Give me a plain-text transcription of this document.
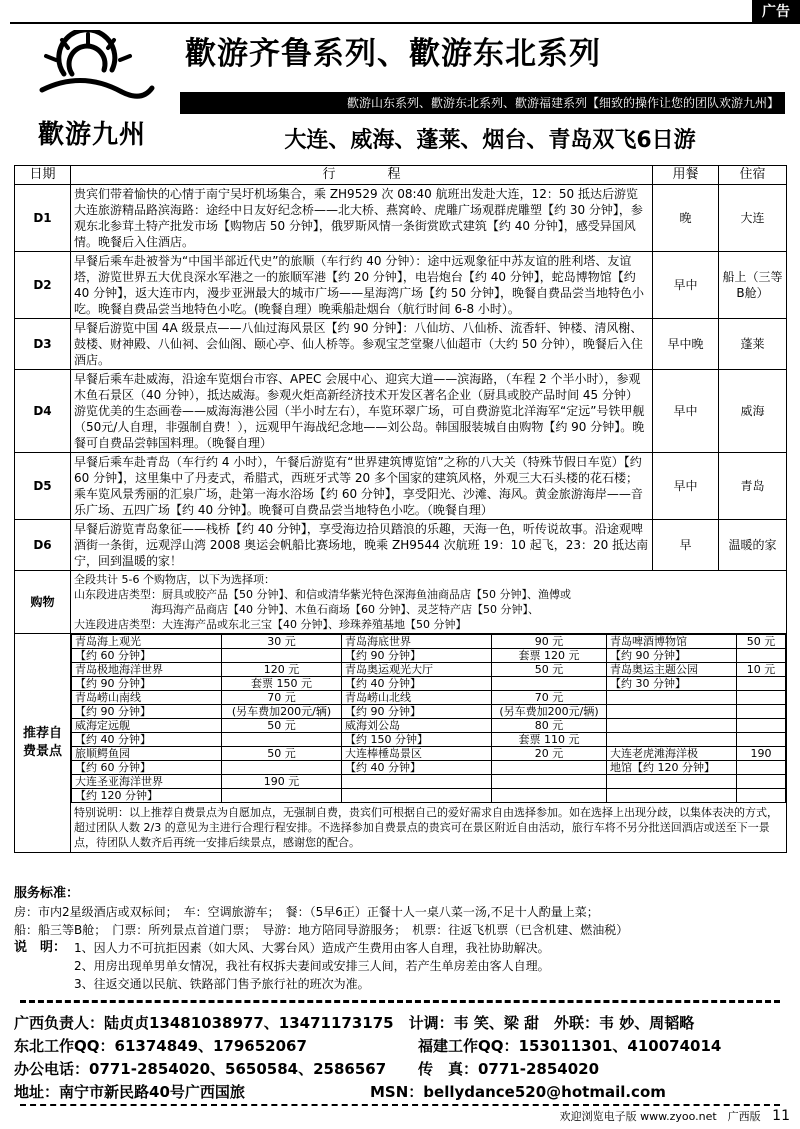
广告
歡游九州
歡游齐鲁系列、歡游东北系列
歡游山东系列、歡游东北系列、歡游福建系列【细致的操作让您的团队欢游九州】
大连、威海、蓬莱、烟台、青岛双飞6日游
日期	行　　　　程	用餐	住宿
D1	贵宾们带着愉快的心情于南宁吴圩机场集合，乘 ZH9529 次 08:40 航班出发赴大连，12：50 抵达后游览大连旅游精品路滨海路：途经中日友好纪念桥——北大桥、燕窝岭、虎雕广场观群虎雕塑【约 30 分钟】，参观东北参茸土特产批发市场【购物店 50 分钟】，俄罗斯风情一条街赏欧式建筑【约 40 分钟】，感受异国风情。晚餐后入住酒店。	晚	大连
D2	早餐后乘车赴被誉为“中国半部近代史”的旅顺（车行约 40 分钟）：途中远观象征中苏友谊的胜利塔、友谊塔，游览世界五大优良深水军港之一的旅顺军港【约 20 分钟】，电岩炮台【约 40 分钟】，蛇岛博物馆【约 40 分钟】，返大连市内，漫步亚洲最大的城市广场——星海湾广场【约 50 分钟】，晚餐自费品尝当地特色小吃。晚餐自费品尝当地特色小吃。(晚餐自理）晚乘船赴烟台（航行时间 6-8 小时）。	早中	船上（三等B舱）
D3	早餐后游览中国 4A 级景点——八仙过海风景区【约 90 分钟】：八仙坊、八仙桥、流香轩、钟楼、清风榭、鼓楼、财神殿、八仙祠、会仙阁、颐心亭、仙人桥等。参观宝芝堂聚八仙超市（大约 50 分钟），晚餐后入住酒店。	早中晚	蓬莱
D4	早餐后乘车赴威海，沿途车览烟台市容、APEC 会展中心、迎宾大道——滨海路，（车程 2 个半小时），参观木鱼石景区（40 分钟），抵达威海。参观火炬高新经济技术开发区著名企业（厨具或胶产品时间 45 分钟）游览优美的生态画卷——威海海港公园（半小时左右），车览环翠广场，可自费游览北洋海军“定远”号铁甲舰（50元/人自理，非强制自费！），远观甲午海战纪念地——刘公岛。韩国服装城自由购物【约 90 分钟】。晚餐可自费品尝韩国料理。（晚餐自理）	早中	威海
D5	早餐后乘车赴青岛（车行约 4 小时），午餐后游览有“世界建筑博览馆”之称的八大关（特殊节假日车览）【约 60 分钟】，这里集中了丹麦式，希腊式，西班牙式等 20 多个国家的建筑风格，外观三大石头楼的花石楼；乘车览风景秀丽的汇泉广场，赴第一海水浴场【约 60 分钟】，享受阳光、沙滩、海风。黄金旅游海岸——音乐广场、五四广场【约 40 分钟】。晚餐可自费品尝当地特色小吃。（晚餐自理）	早中	青岛
D6	早餐后游览青岛象征——栈桥【约 40 分钟】，享受海边拾贝踏浪的乐趣，天海一色，听传说故事。沿途观啤酒街一条街，远观浮山湾 2008 奥运会帆船比赛场地，晚乘 ZH9544 次航班 19：10 起飞，23：20 抵达南宁，回到温暖的家！	早	温暖的家
购物	
全段共计 5-6 个购物店，以下为选择项：
山东段进店类型：厨具或胶产品【50 分钟】、和信或清华紫光特色深海鱼油商品店【50 分钟】、渔傅或
　　　　　　　海玛海产品商店【40 分钟】、木鱼石商场【60 分钟】、灵芝特产店【50 分钟】、
大连段进店类型：大连海产品或东北三宝【40 分钟】、珍珠养殖基地【50 分钟】

推荐自费景点	
青岛海上观光	30 元	青岛海底世界	90 元	青岛啤酒博物馆	50 元
【约 60 分钟】		【约 90 分钟】	套票 120 元	【约 90 分钟】	
青岛极地海洋世界	120 元	青岛奥运观光大厅	50 元	青岛奥运主题公园	10 元
【约 90 分钟】	套票 150 元	【约 40 分钟】		【约 30 分钟】	
青岛崂山南线	70 元	青岛崂山北线	70 元		
【约 90 分钟】	(另车费加200元/辆)	【约 90 分钟】	(另车费加200元/辆)		
威海定远舰	50 元	威海刘公岛	80 元		
【约 40 分钟】		【约 150 分钟】	套票 110 元		
旅顺鳄鱼园	50 元	大连棒棰岛景区	20 元	大连老虎滩海洋极	190
【约 60 分钟】		【约 40 分钟】		地馆【约 120 分钟】	
大连圣亚海洋世界	190 元				
【约 120 分钟】					
特别说明：以上推荐自费景点为自愿加点，无强制自费，贵宾们可根据自己的爱好需求自由选择参加。如在选择上出现分歧，以集体表决的方式，超过团队人数 2/3 的意见为主进行合理行程安排。不选择参加自费景点的贵宾可在景区附近自由活动，旅行车将不另分批送回酒店或送至下一景点，待团队人数齐后再统一安排后续景点，感谢您的配合。
服务标准：
房：市内2星级酒店或双标间；　车：空调旅游车；　餐：（5早6正）正餐十人一桌八菜一汤,不足十人酌量上菜；
船：船三等B舱；　门票：所列景点首道门票；　导游：地方陪同导游服务；　机票：往返飞机票（已含机建、燃油税）
说　明： 1、因人力不可抗拒因素（如大风、大雾台风）造成产生费用由客人自理，我社协助解决。
2、用房出现单男单女情况，我社有权拆夫妻间或安排三人间，若产生单房差由客人自理。
3、往返交通以民航、铁路部门售予旅行社的班次为准。
广西负责人：陆贞贞13481038977、13471173175　计调：韦 笑、梁 甜　外联：韦 妙、周韬略
东北工作QQ：61374849、179652067	福建工作QQ：153011301、410074014
办公电话：0771-2854020、5650584、2586567	传　真：0771-2854020
地址：南宁市新民路40号广西国旅	MSN：bellydance520@hotmail.com
欢迎浏览电子版 www.zyoo.net　广西版 11
